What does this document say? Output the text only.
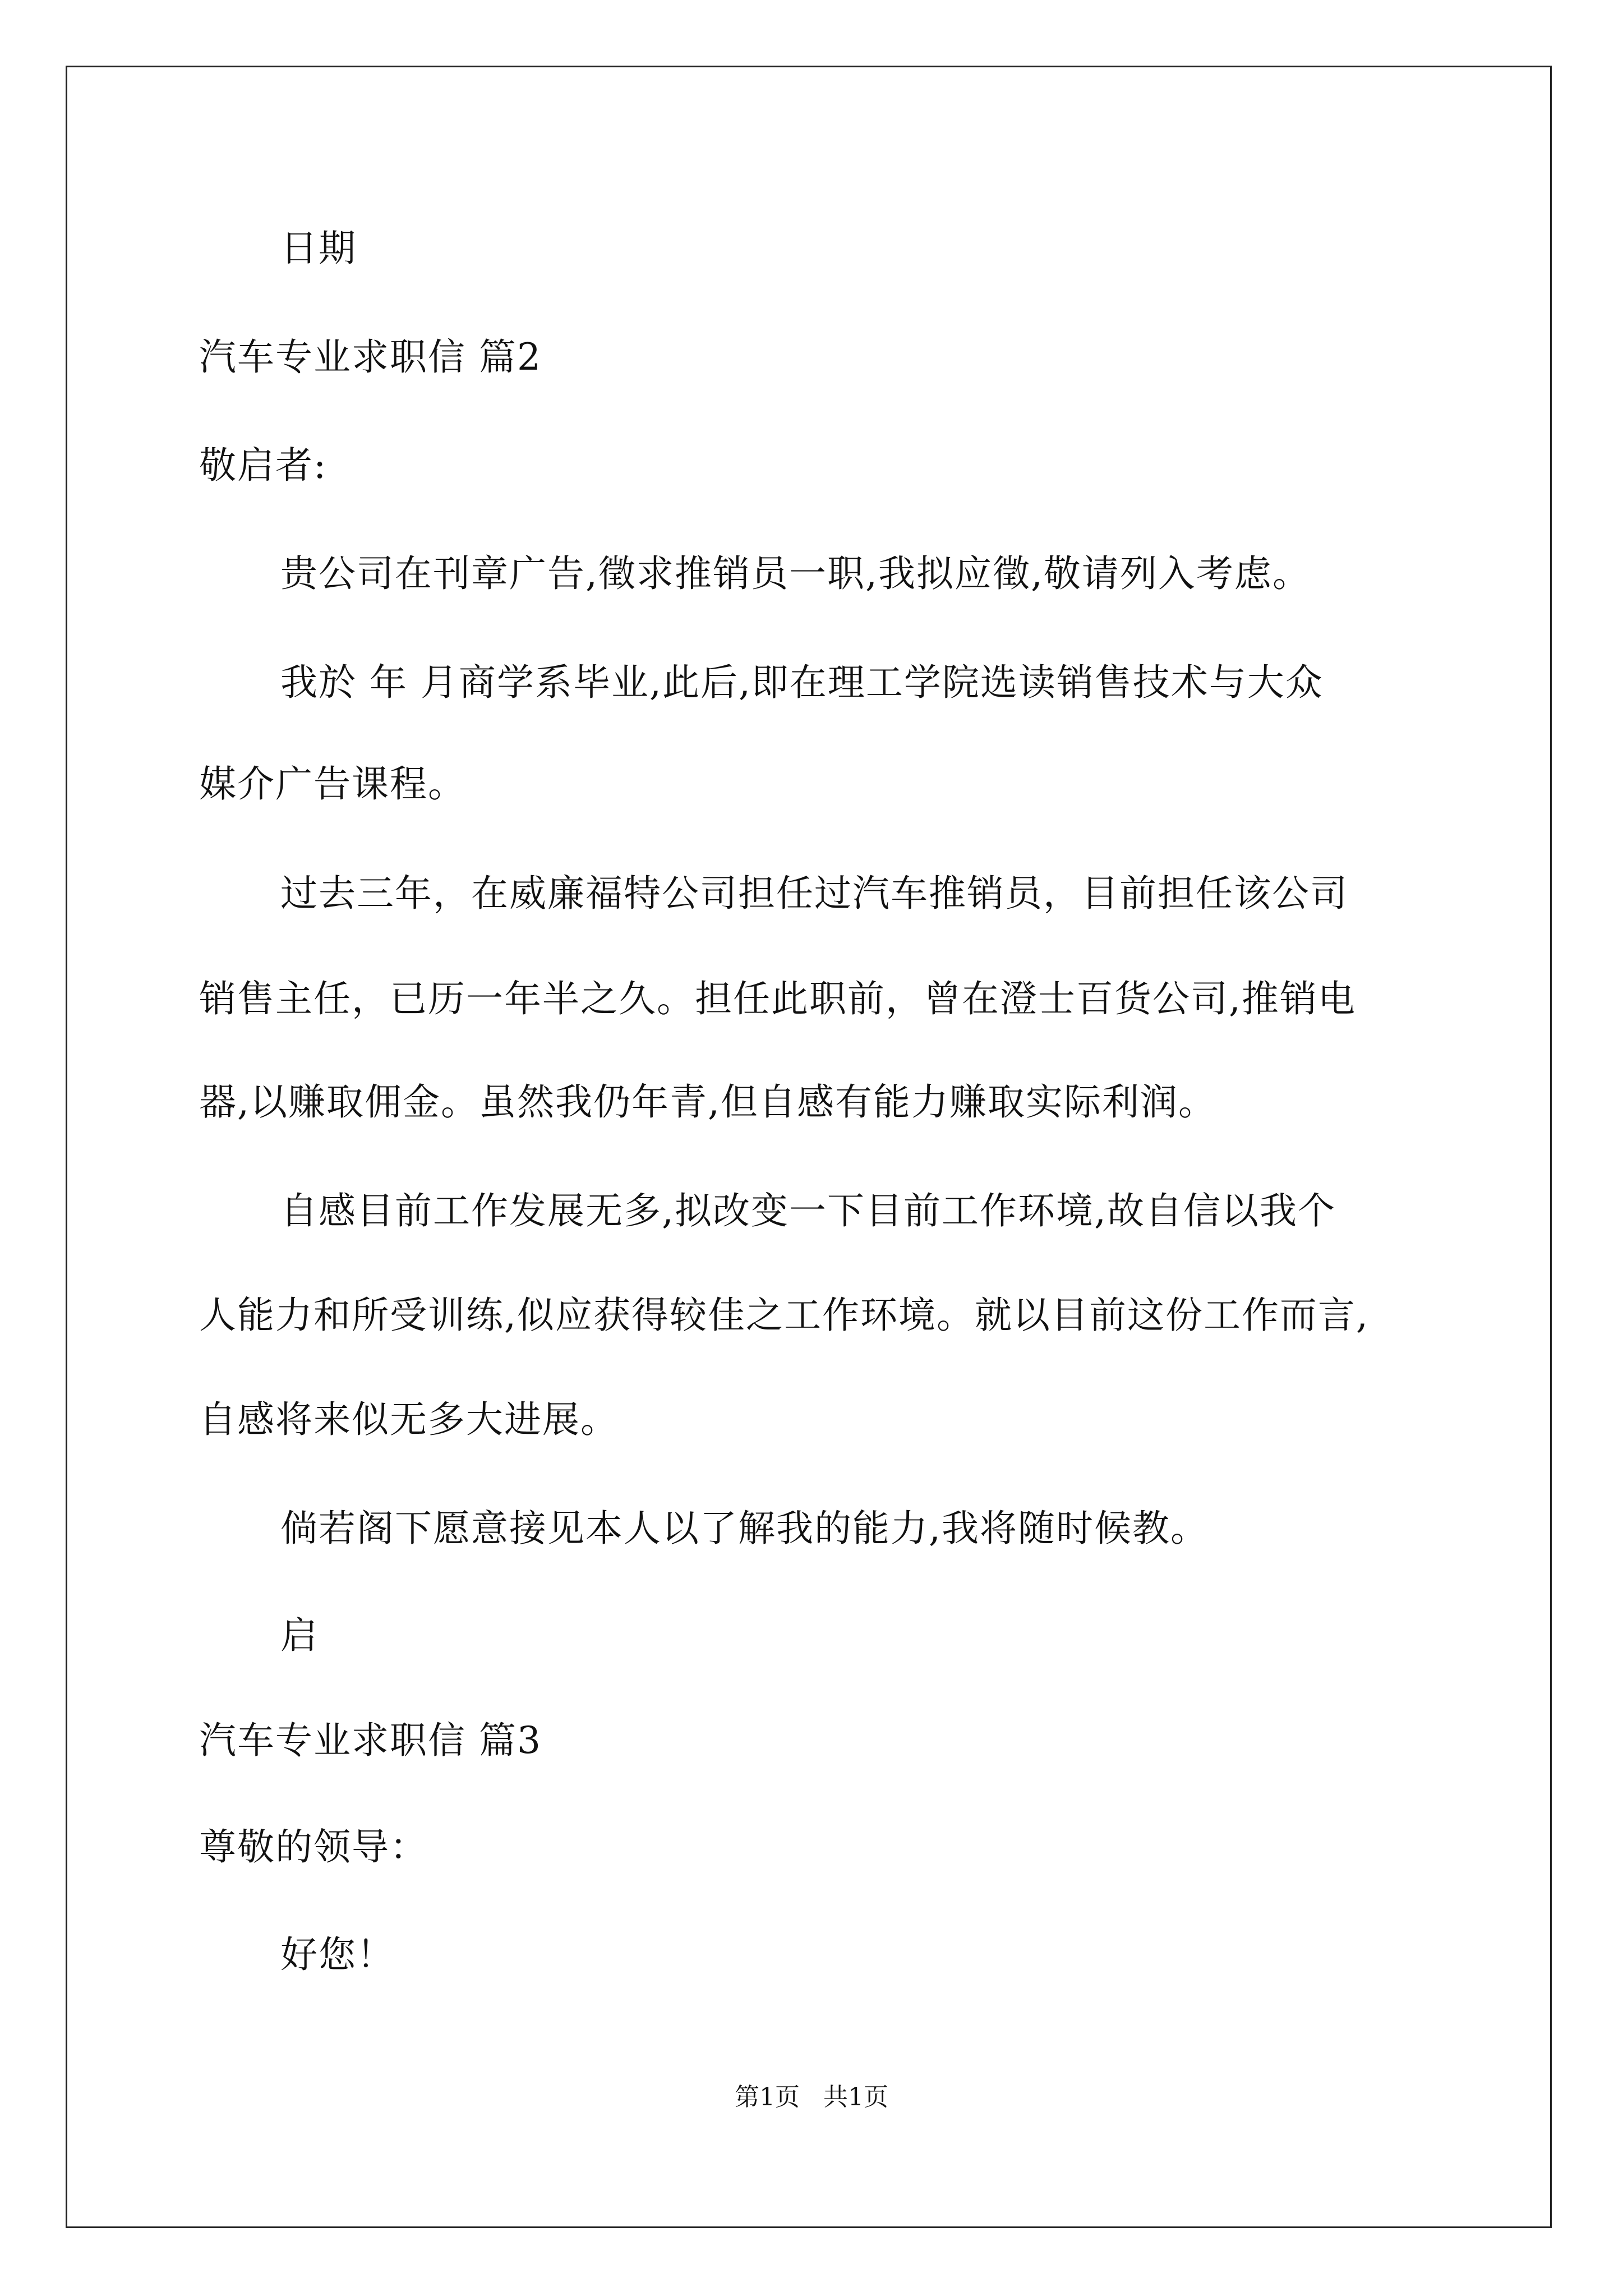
日期
汽车专业求职信 篇2
敬启者:
贵公司在刊章广告,徵求推销员一职,我拟应徵,敬请列入考虑。
我於 年 月商学系毕业,此后,即在理工学院选读销售技术与大众
媒介广告课程。
过去三年，在威廉福特公司担任过汽车推销员，目前担任该公司
销售主任，已历一年半之久。担任此职前，曾在澄士百货公司,推销电
器,以赚取佣金。虽然我仍年青,但自感有能力赚取实际利润。
自感目前工作发展无多,拟改变一下目前工作环境,故自信以我个
人能力和所受训练,似应获得较佳之工作环境。就以目前这份工作而言,
自感将来似无多大进展。
倘若阁下愿意接见本人以了解我的能力,我将随时候教。
启
汽车专业求职信 篇3
尊敬的领导：
好您！
第1页   共1页
